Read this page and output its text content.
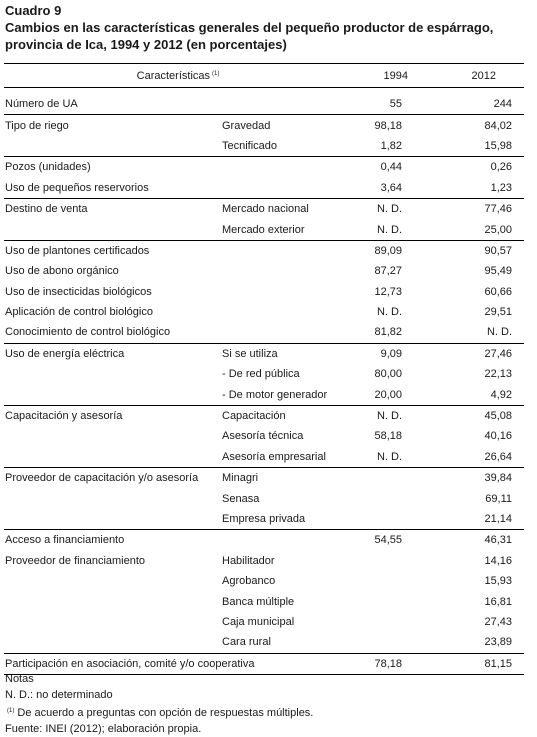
Cuadro 9
Cambios en las características generales del pequeño productor de espárrago, provincia de Ica, 1994 y 2012 (en porcentajes)
Características $^{(1)}$		1994	2012
Número de UA		55	244
Tipo de riego	Gravedad	98,18	84,02
	Tecnificado	1,82	15,98
Pozos (unidades)		0,44	0,26
Uso de pequeños reservorios		3,64	1,23
Destino de venta	Mercado nacional	N. D.	77,46
	Mercado exterior	N. D.	25,00
Uso de plantones certificados		89,09	90,57
Uso de abono orgánico		87,27	95,49
Uso de insecticidas biológicos		12,73	60,66
Aplicación de control biológico		N. D.	29,51
Conocimiento de control biológico		81,82	N. D.
Uso de energía eléctrica	Si se utiliza	9,09	27,46
	- De red pública	80,00	22,13
	- De motor generador	20,00	4,92
Capacitación y asesoría	Capacitación	N. D.	45,08
	Asesoría técnica	58,18	40,16
	Asesoría empresarial	N. D.	26,64
Proveedor de capacitación y/o asesoría	Minagri		39,84
	Senasa		69,11
	Empresa privada		21,14
Acceso a financiamiento		54,55	46,31
Proveedor de financiamiento	Habilitador		14,16
	Agrobanco		15,93
	Banca múltiple		16,81
	Caja municipal		27,43
	Cara rural		23,89
Participación en asociación, comité y/o cooperativa		78,18	81,15
Notas
N. D.: no determinado
$^{(1)}$ De acuerdo a preguntas con opción de respuestas múltiples.
Fuente: INEI (2012); elaboración propia.
